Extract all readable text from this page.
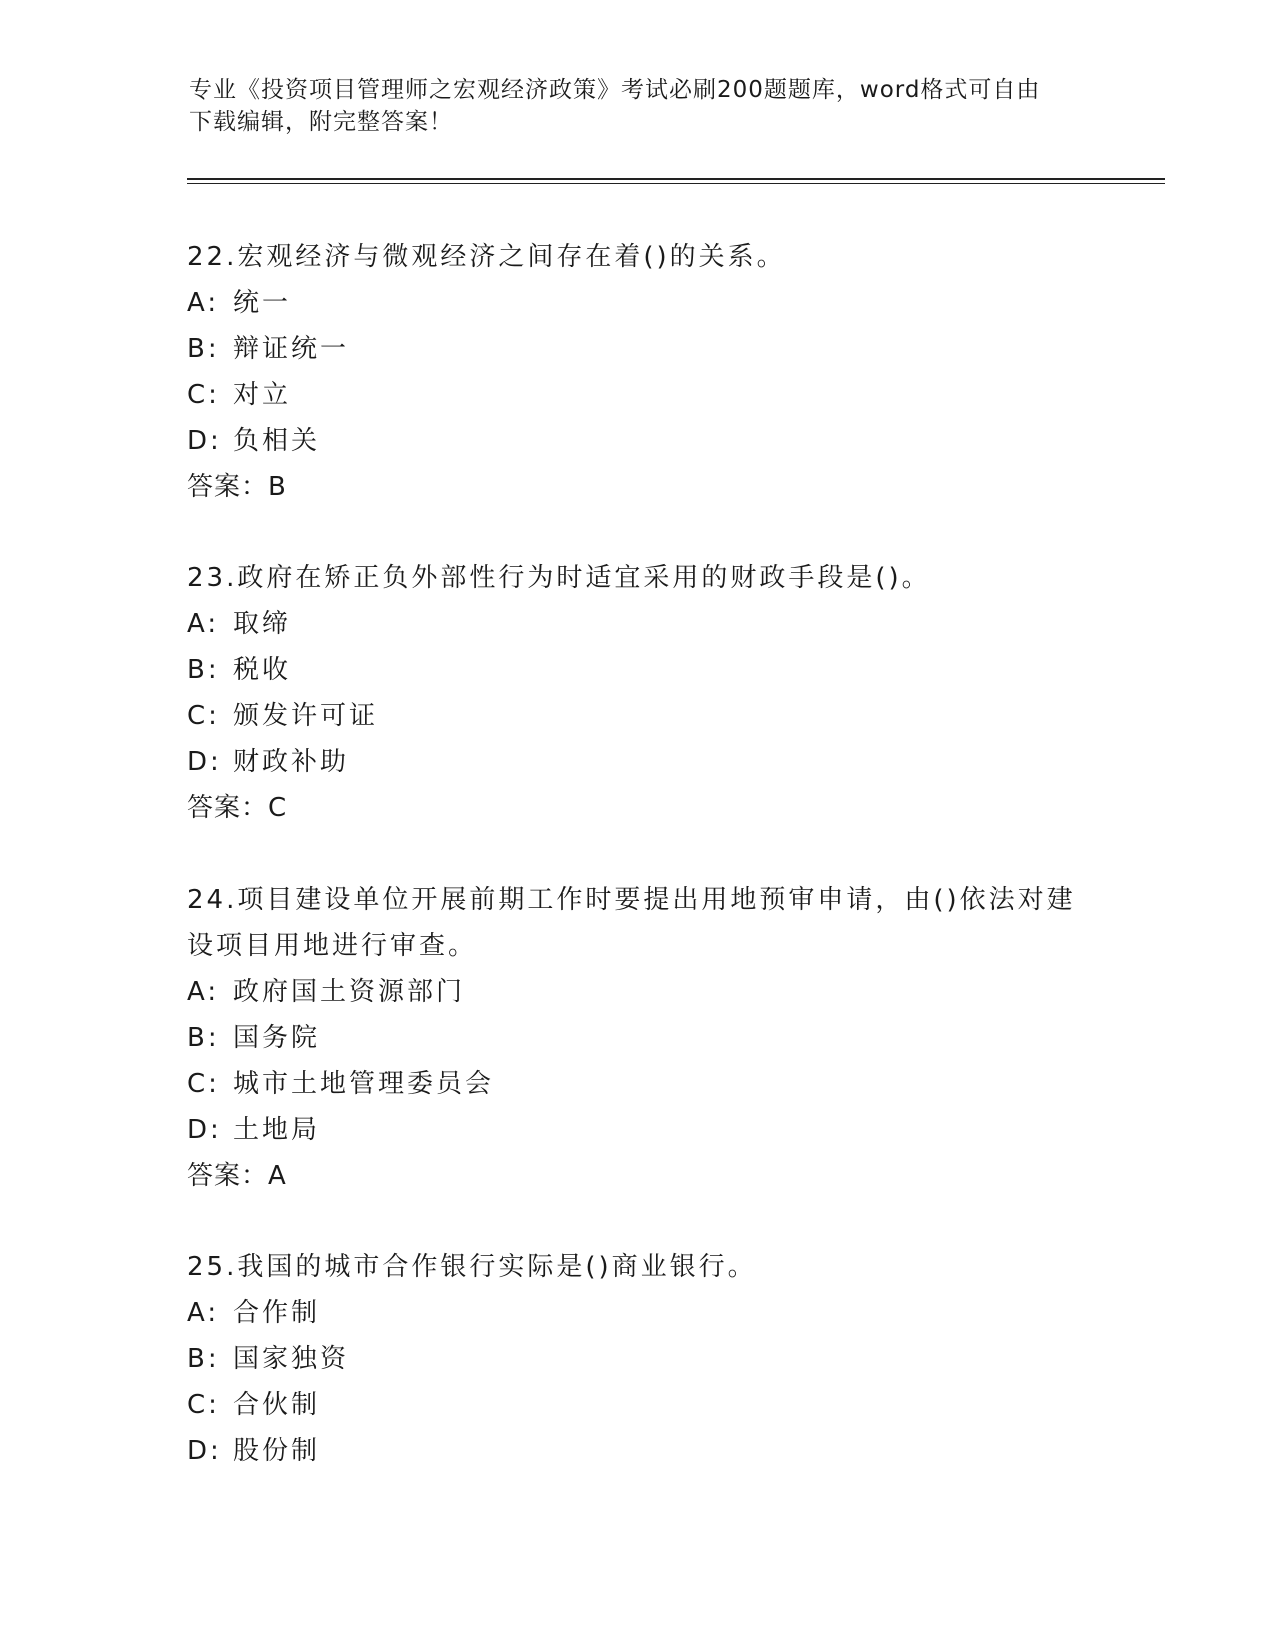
专业《投资项目管理师之宏观经济政策》考试必刷200题题库，word格式可自由
下载编辑，附完整答案！

22.宏观经济与微观经济之间存在着()的关系。

A: 统一

B: 辩证统一

C: 对立

D: 负相关

答案：B

23.政府在矫正负外部性行为时适宜采用的财政手段是()。

A: 取缔

B: 税收

C: 颁发许可证

D: 财政补助

答案：C

24.项目建设单位开展前期工作时要提出用地预审申请，由()依法对建

设项目用地进行审查。

A: 政府国土资源部门

B: 国务院

C: 城市土地管理委员会

D: 土地局

答案：A

25.我国的城市合作银行实际是()商业银行。

A: 合作制

B: 国家独资

C: 合伙制

D: 股份制
